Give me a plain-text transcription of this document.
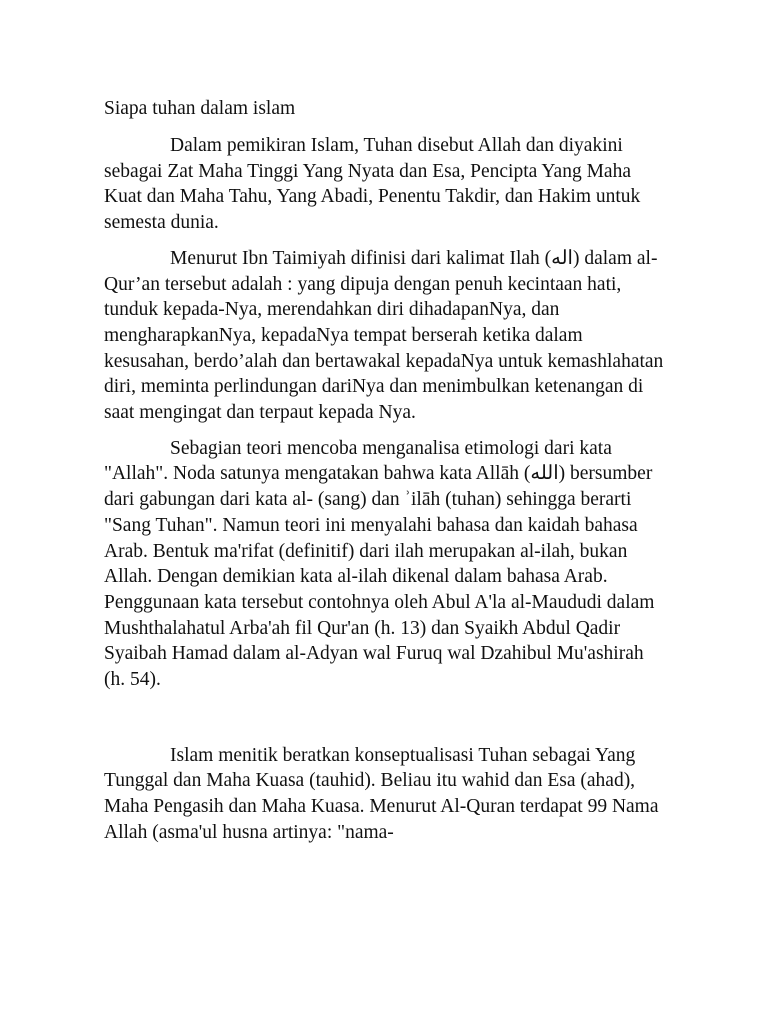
Siapa tuhan dalam islam

Dalam pemikiran Islam, Tuhan disebut Allah dan diyakini sebagai Zat Maha Tinggi Yang Nyata dan Esa, Pencipta Yang Maha Kuat dan Maha Tahu, Yang Abadi, Penentu Takdir, dan Hakim untuk semesta dunia.

Menurut Ibn Taimiyah difinisi dari kalimat Ilah (اله) dalam al-Qur’an tersebut adalah : yang dipuja dengan penuh kecintaan hati, tunduk kepada-Nya, merendahkan diri dihadapanNya, dan mengharapkanNya, kepadaNya tempat berserah ketika dalam kesusahan, berdo’alah dan bertawakal kepadaNya untuk kemashlahatan diri, meminta perlindungan dariNya dan menimbulkan ketenangan di saat mengingat dan terpaut kepada Nya.

Sebagian teori mencoba menganalisa etimologi dari kata "Allah". Noda satunya mengatakan bahwa kata Allāh (الله) bersumber dari gabungan dari kata al- (sang) dan ʾilāh (tuhan) sehingga berarti "Sang Tuhan". Namun teori ini menyalahi bahasa dan kaidah bahasa Arab. Bentuk ma'rifat (definitif) dari ilah merupakan al-ilah, bukan Allah. Dengan demikian kata al-ilah dikenal dalam bahasa Arab. Penggunaan kata tersebut contohnya oleh Abul A'la al-Maududi dalam Mushthalahatul Arba'ah fil Qur'an (h. 13) dan Syaikh Abdul Qadir Syaibah Hamad dalam al-Adyan wal Furuq wal Dzahibul Mu'ashirah (h. 54).

Islam menitik beratkan konseptualisasi Tuhan sebagai Yang Tunggal dan Maha Kuasa (tauhid). Beliau itu wahid dan Esa (ahad), Maha Pengasih dan Maha Kuasa. Menurut Al-Quran terdapat 99 Nama Allah (asma'ul husna artinya: "nama-
